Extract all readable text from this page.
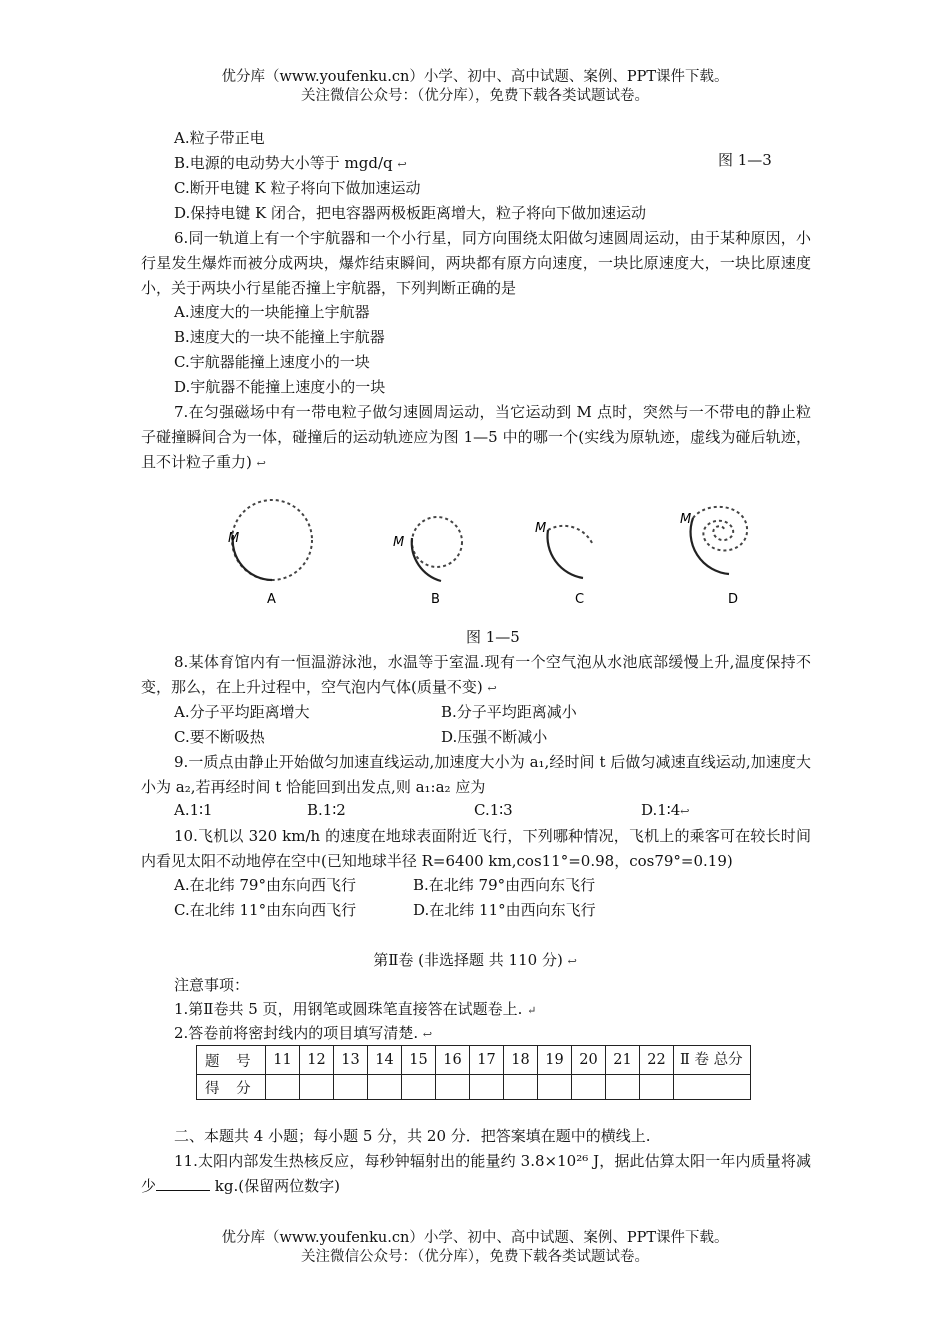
优分库（www.youfenku.cn）小学、初中、高中试题、案例、PPT课件下载。
关注微信公众号：（优分库），免费下载各类试题试卷。
A.粒子带正电
B.电源的电动势大小等于 mgd/q ↩	图 1—3
C.断开电键 K 粒子将向下做加速运动
D.保持电键 K 闭合，把电容器两极板距离增大，粒子将向下做加速运动
6.同一轨道上有一个宇航器和一个小行星，同方向围绕太阳做匀速圆周运动，由于某种原因，小行星发生爆炸而被分成两块，爆炸结束瞬间，两块都有原方向速度，一块比原速度大，一块比原速度小，关于两块小行星能否撞上宇航器，下列判断正确的是
A.速度大的一块能撞上宇航器
B.速度大的一块不能撞上宇航器
C.宇航器能撞上速度小的一块
D.宇航器不能撞上速度小的一块
7.在匀强磁场中有一带电粒子做匀速圆周运动，当它运动到 M 点时，突然与一不带电的静止粒子碰撞瞬间合为一体，碰撞后的运动轨迹应为图 1—5 中的哪一个(实线为原轨迹，虚线为碰后轨迹，且不计粒子重力) ↩
M
A
M
B
M
C
M
D
图 1—5
8.某体育馆内有一恒温游泳池，水温等于室温.现有一个空气泡从水池底部缓慢上升,温度保持不变，那么，在上升过程中，空气泡内气体(质量不变) ↩
A.分子平均距离增大	B.分子平均距离减小
C.要不断吸热	D.压强不断减小
9.一质点由静止开始做匀加速直线运动,加速度大小为 a₁,经时间 t 后做匀减速直线运动,加速度大小为 a₂,若再经时间 t 恰能回到出发点,则 a₁:a₂ 应为
A.1∶1	B.1∶2	C.1∶3	D.1∶4↩
10.飞机以 320 km/h 的速度在地球表面附近飞行，下列哪种情况，飞机上的乘客可在较长时间内看见太阳不动地停在空中(已知地球半径 R=6400 km,cos11°=0.98，cos79°=0.19)
A.在北纬 79°由东向西飞行	B.在北纬 79°由西向东飞行
C.在北纬 11°由东向西飞行	D.在北纬 11°由西向东飞行
第Ⅱ卷 (非选择题 共 110 分) ↩
注意事项：
1.第Ⅱ卷共 5 页，用钢笔或圆珠笔直接答在试题卷上. ↵
2.答卷前将密封线内的项目填写清楚. ↩
题 号	11	12	13	14	15	16	17	18	19	20	21	22	Ⅱ 卷 总分
得 分													
二、本题共 4 小题；每小题 5 分，共 20 分．把答案填在题中的横线上.
11.太阳内部发生热核反应，每秒钟辐射出的能量约 3.8×10²⁶ J，据此估算太阳一年内质量将减少	kg.(保留两位数字)
优分库（www.youfenku.cn）小学、初中、高中试题、案例、PPT课件下载。
关注微信公众号：（优分库），免费下载各类试题试卷。
